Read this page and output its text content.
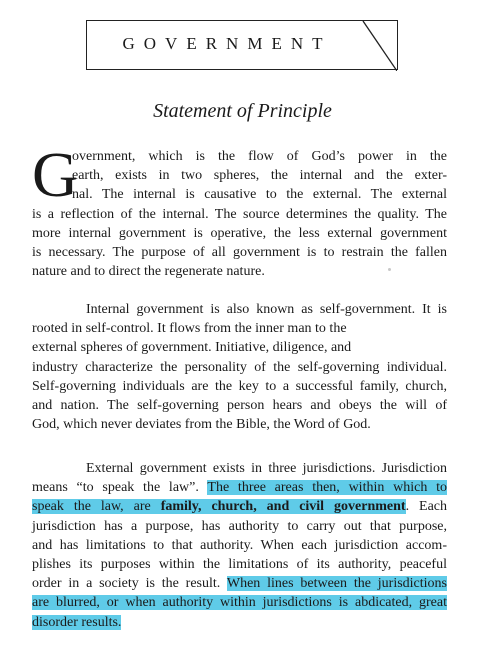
GOVERNMENT
Statement of Principle
G
overnment, which is the flow of God’s power in the
earth, exists in two spheres, the internal and the exter-
nal. The internal is causative to the external. The external
is a reflection of the internal. The source determines the quality. The
more internal government is operative, the less external government
is necessary. The purpose of all government is to restrain the fallen
nature and to direct the regenerate nature.
Internal government is also known as self-government. It is
rooted in self-control. It flows from the inner man to the
external spheres of government. Initiative, diligence, and
industry characterize the personality of the self-governing individual.
Self-governing individuals are the key to a successful family, church,
and nation. The self-governing person hears and obeys the will of
God, which never deviates from the Bible, the Word of God.
External government exists in three jurisdictions. Jurisdiction
means “to speak the law”. The three areas then, within which to
speak the law, are family, church, and civil government. Each
jurisdiction has a purpose, has authority to carry out that purpose,
and has limitations to that authority. When each jurisdiction accom-
plishes its purposes within the limitations of its authority, peaceful
order in a society is the result. When lines between the jurisdictions
are blurred, or when authority within jurisdictions is abdicated, great
disorder results.
